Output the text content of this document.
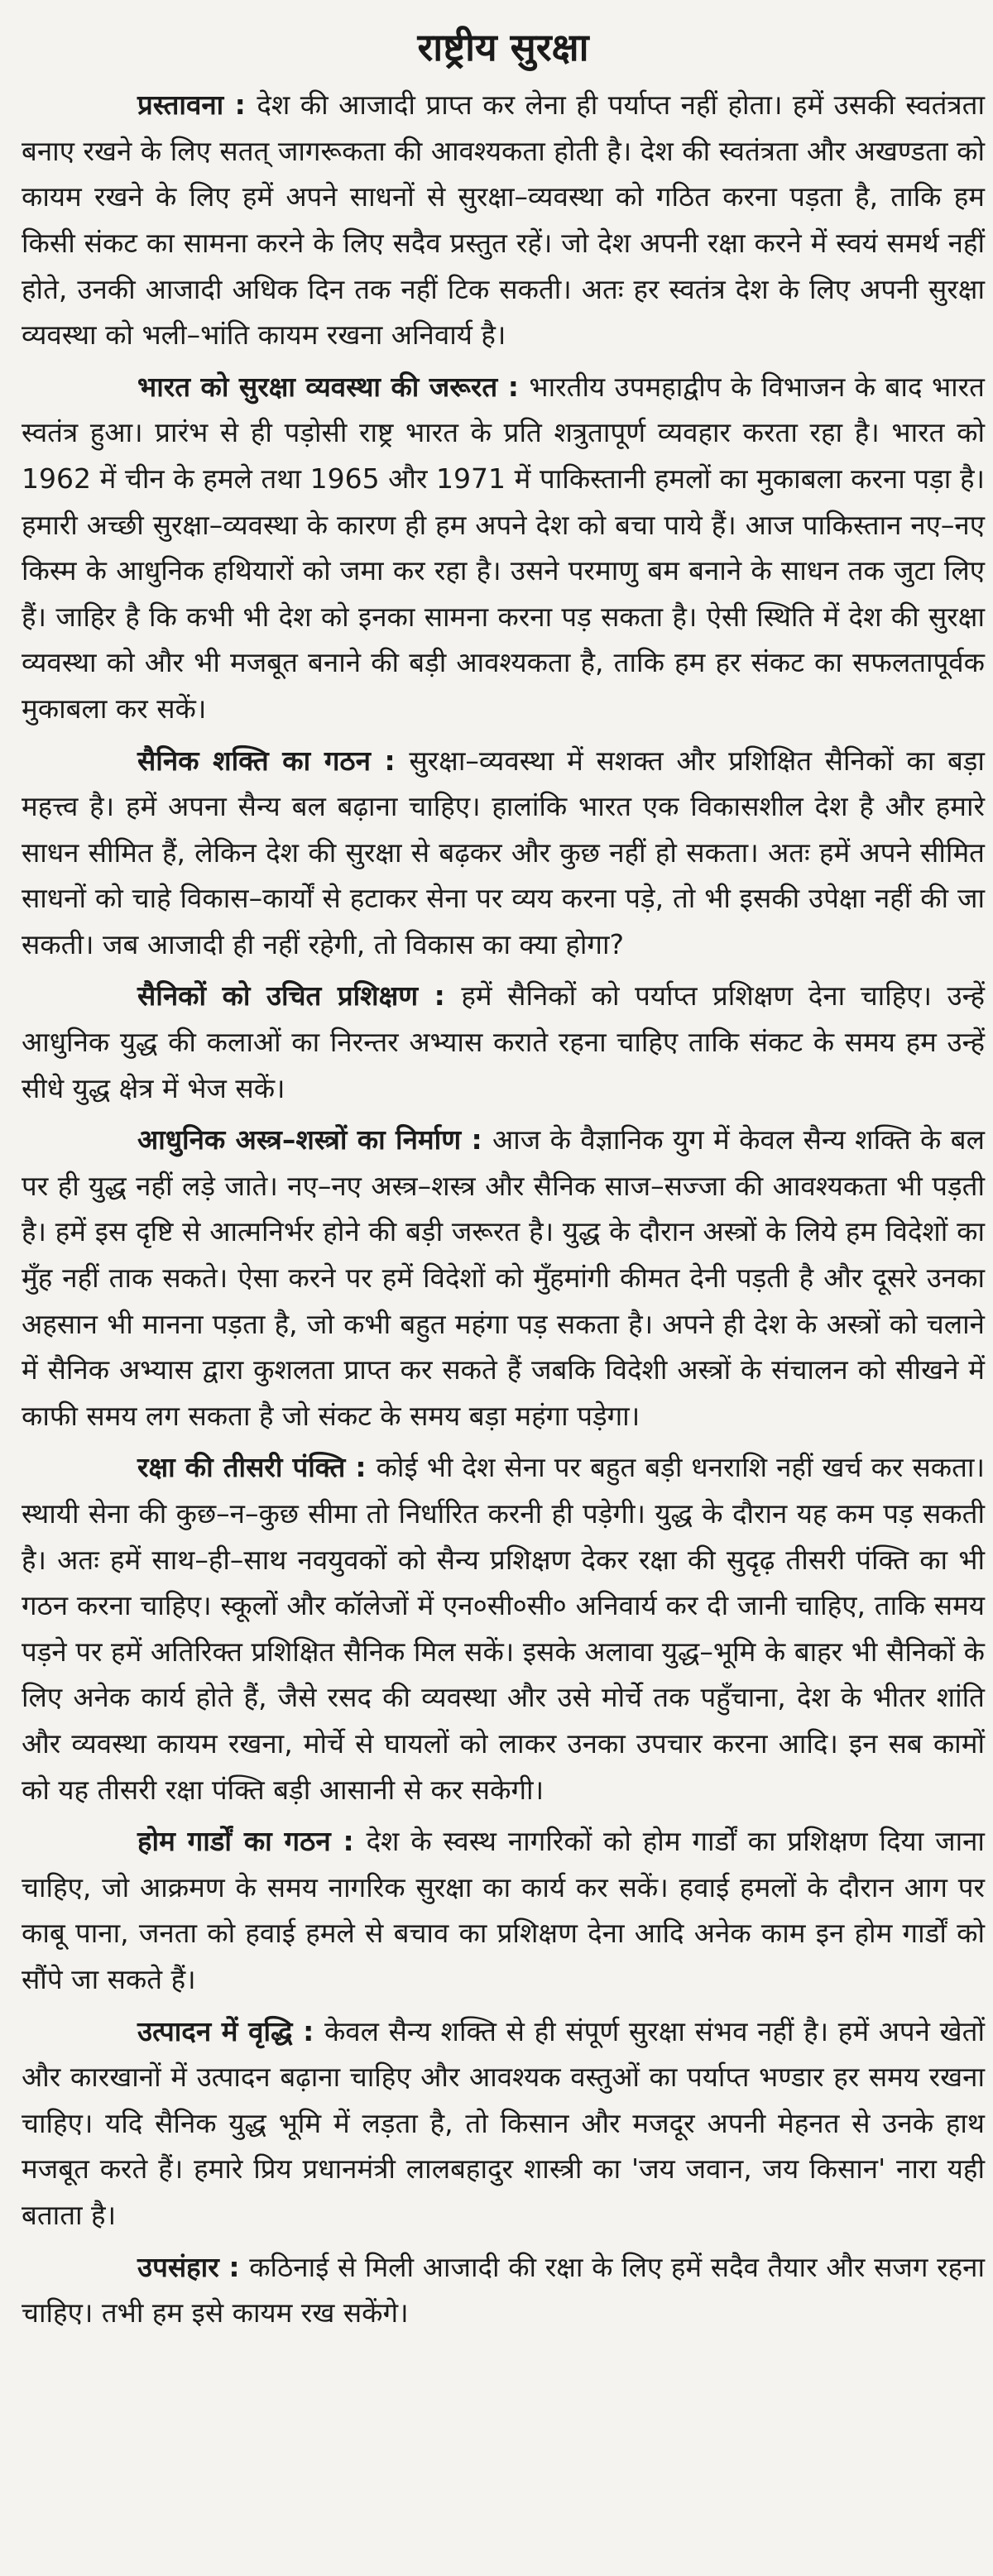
राष्ट्रीय सुरक्षा

प्रस्तावना : देश की आजादी प्राप्त कर लेना ही पर्याप्त नहीं होता। हमें उसकी स्वतंत्रता बनाए रखने के लिए सतत् जागरूकता की आवश्यकता होती है। देश की स्वतंत्रता और अखण्डता को कायम रखने के लिए हमें अपने साधनों से सुरक्षा–व्यवस्था को गठित करना पड़ता है, ताकि हम किसी संकट का सामना करने के लिए सदैव प्रस्तुत रहें। जो देश अपनी रक्षा करने में स्वयं समर्थ नहीं होते, उनकी आजादी अधिक दिन तक नहीं टिक सकती। अतः हर स्वतंत्र देश के लिए अपनी सुरक्षा व्यवस्था को भली–भांति कायम रखना अनिवार्य है।

भारत को सुरक्षा व्यवस्था की जरूरत : भारतीय उपमहाद्वीप के विभाजन के बाद भारत स्वतंत्र हुआ। प्रारंभ से ही पड़ोसी राष्ट्र भारत के प्रति शत्रुतापूर्ण व्यवहार करता रहा है। भारत को 1962 में चीन के हमले तथा 1965 और 1971 में पाकिस्तानी हमलों का मुकाबला करना पड़ा है। हमारी अच्छी सुरक्षा–व्यवस्था के कारण ही हम अपने देश को बचा पाये हैं। आज पाकिस्तान नए–नए किस्म के आधुनिक हथियारों को जमा कर रहा है। उसने परमाणु बम बनाने के साधन तक जुटा लिए हैं। जाहिर है कि कभी भी देश को इनका सामना करना पड़ सकता है। ऐसी स्थिति में देश की सुरक्षा व्यवस्था को और भी मजबूत बनाने की बड़ी आवश्यकता है, ताकि हम हर संकट का सफलतापूर्वक मुकाबला कर सकें।

सैनिक शक्ति का गठन : सुरक्षा–व्यवस्था में सशक्त और प्रशिक्षित सैनिकों का बड़ा महत्त्व है। हमें अपना सैन्य बल बढ़ाना चाहिए। हालांकि भारत एक विकासशील देश है और हमारे साधन सीमित हैं, लेकिन देश की सुरक्षा से बढ़कर और कुछ नहीं हो सकता। अतः हमें अपने सीमित साधनों को चाहे विकास–कार्यों से हटाकर सेना पर व्यय करना पड़े, तो भी इसकी उपेक्षा नहीं की जा सकती। जब आजादी ही नहीं रहेगी, तो विकास का क्या होगा?

सैनिकों को उचित प्रशिक्षण : हमें सैनिकों को पर्याप्त प्रशिक्षण देना चाहिए। उन्हें आधुनिक युद्ध की कलाओं का निरन्तर अभ्यास कराते रहना चाहिए ताकि संकट के समय हम उन्हें सीधे युद्ध क्षेत्र में भेज सकें।

आधुनिक अस्त्र–शस्त्रों का निर्माण : आज के वैज्ञानिक युग में केवल सैन्य शक्ति के बल पर ही युद्ध नहीं लड़े जाते। नए–नए अस्त्र–शस्त्र और सैनिक साज–सज्जा की आवश्यकता भी पड़ती है। हमें इस दृष्टि से आत्मनिर्भर होने की बड़ी जरूरत है। युद्ध के दौरान अस्त्रों के लिये हम विदेशों का मुँह नहीं ताक सकते। ऐसा करने पर हमें विदेशों को मुँहमांगी कीमत देनी पड़ती है और दूसरे उनका अहसान भी मानना पड़ता है, जो कभी बहुत महंगा पड़ सकता है। अपने ही देश के अस्त्रों को चलाने में सैनिक अभ्यास द्वारा कुशलता प्राप्त कर सकते हैं जबकि विदेशी अस्त्रों के संचालन को सीखने में काफी समय लग सकता है जो संकट के समय बड़ा महंगा पड़ेगा।

रक्षा की तीसरी पंक्ति : कोई भी देश सेना पर बहुत बड़ी धनराशि नहीं खर्च कर सकता। स्थायी सेना की कुछ–न–कुछ सीमा तो निर्धारित करनी ही पड़ेगी। युद्ध के दौरान यह कम पड़ सकती है। अतः हमें साथ–ही–साथ नवयुवकों को सैन्य प्रशिक्षण देकर रक्षा की सुदृढ़ तीसरी पंक्ति का भी गठन करना चाहिए। स्कूलों और कॉलेजों में एन०सी०सी० अनिवार्य कर दी जानी चाहिए, ताकि समय पड़ने पर हमें अतिरिक्त प्रशिक्षित सैनिक मिल सकें। इसके अलावा युद्ध–भूमि के बाहर भी सैनिकों के लिए अनेक कार्य होते हैं, जैसे रसद की व्यवस्था और उसे मोर्चे तक पहुँचाना, देश के भीतर शांति और व्यवस्था कायम रखना, मोर्चे से घायलों को लाकर उनका उपचार करना आदि। इन सब कामों को यह तीसरी रक्षा पंक्ति बड़ी आसानी से कर सकेगी।

होम गार्डों का गठन : देश के स्वस्थ नागरिकों को होम गार्डों का प्रशिक्षण दिया जाना चाहिए, जो आक्रमण के समय नागरिक सुरक्षा का कार्य कर सकें। हवाई हमलों के दौरान आग पर काबू पाना, जनता को हवाई हमले से बचाव का प्रशिक्षण देना आदि अनेक काम इन होम गार्डों को सौंपे जा सकते हैं।

उत्पादन में वृद्धि : केवल सैन्य शक्ति से ही संपूर्ण सुरक्षा संभव नहीं है। हमें अपने खेतों और कारखानों में उत्पादन बढ़ाना चाहिए और आवश्यक वस्तुओं का पर्याप्त भण्डार हर समय रखना चाहिए। यदि सैनिक युद्ध भूमि में लड़ता है, तो किसान और मजदूर अपनी मेहनत से उनके हाथ मजबूत करते हैं। हमारे प्रिय प्रधानमंत्री लालबहादुर शास्त्री का 'जय जवान, जय किसान' नारा यही बताता है।

उपसंहार : कठिनाई से मिली आजादी की रक्षा के लिए हमें सदैव तैयार और सजग रहना चाहिए। तभी हम इसे कायम रख सकेंगे।
